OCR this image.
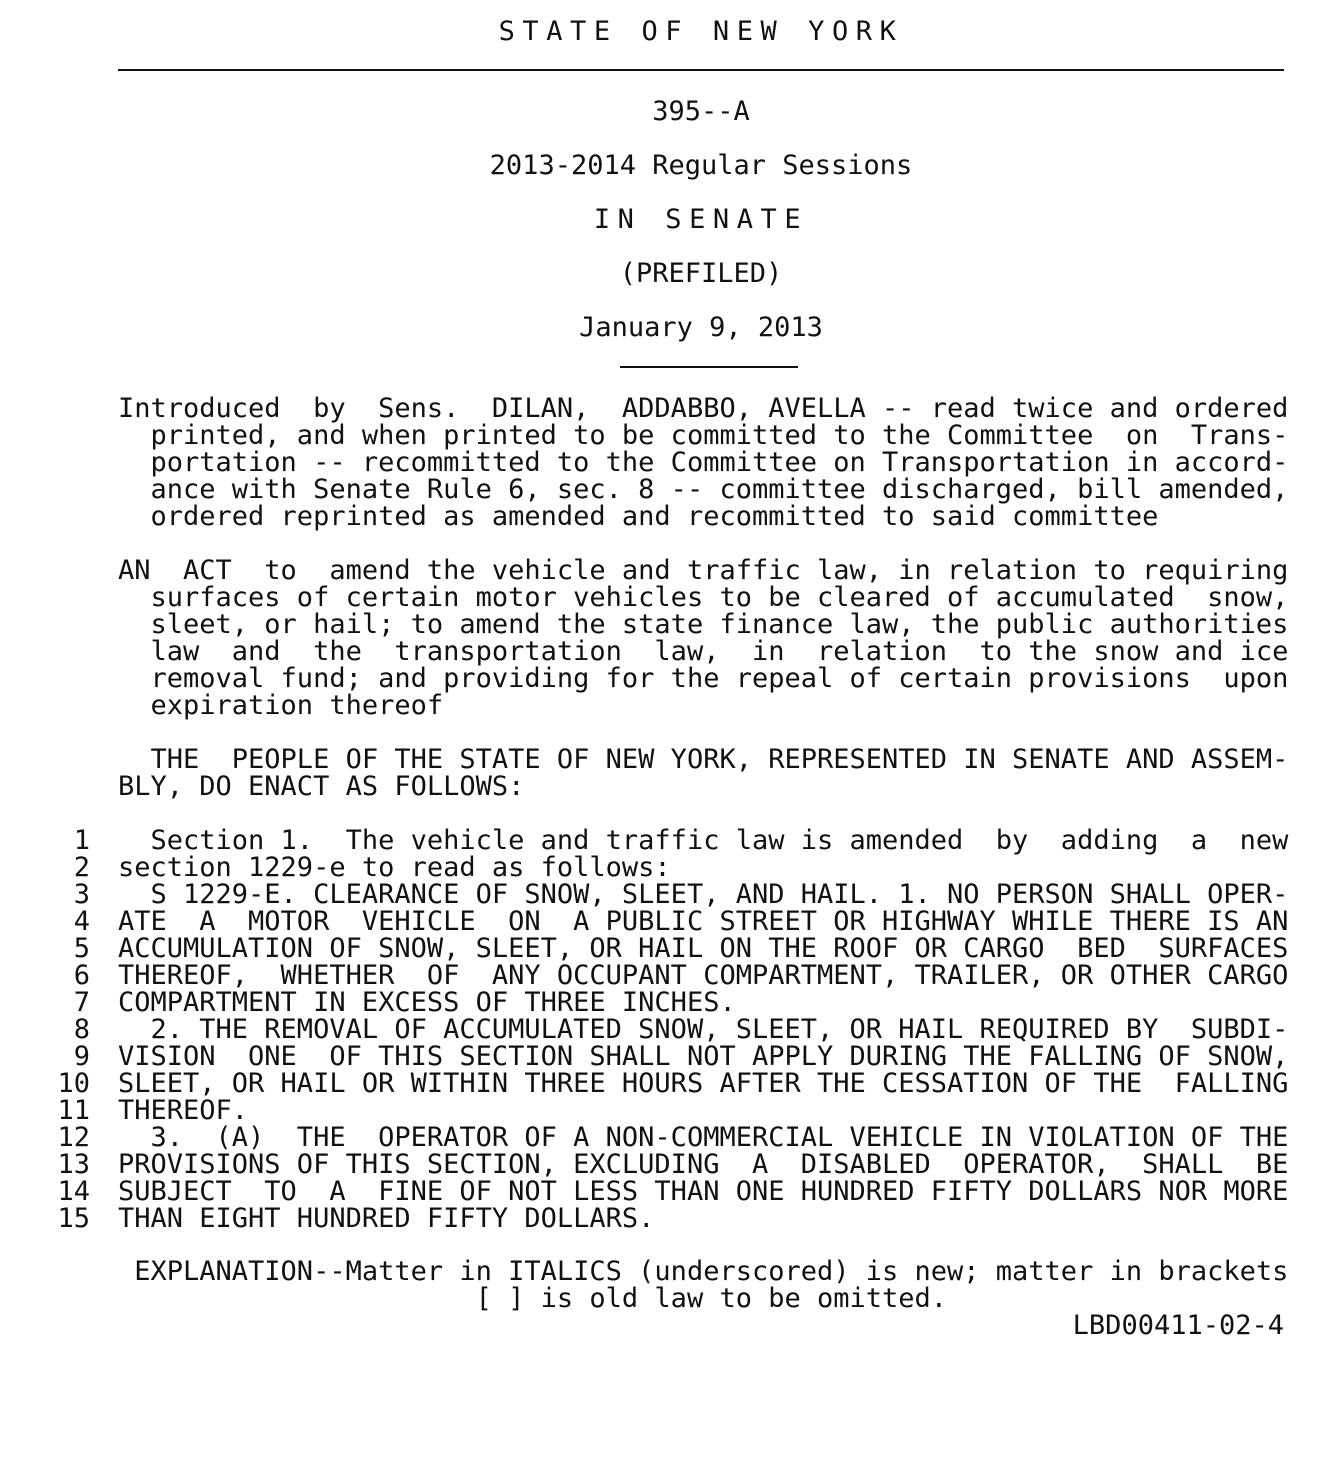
STATE OF NEW YORK
395--A
2013-2014 Regular Sessions
IN SENATE
(PREFILED)
January 9, 2013
Introduced  by  Sens.  DILAN,  ADDABBO, AVELLA -- read twice and ordered
printed, and when printed to be committed to the Committee  on  Trans-
portation -- recommitted to the Committee on Transportation in accord-
ance with Senate Rule 6, sec. 8 -- committee discharged, bill amended,
ordered reprinted as amended and recommitted to said committee
AN  ACT  to  amend the vehicle and traffic law, in relation to requiring
surfaces of certain motor vehicles to be cleared of accumulated  snow,
sleet, or hail; to amend the state finance law, the public authorities
law  and  the  transportation  law,  in  relation  to the snow and ice
removal fund; and providing for the repeal of certain provisions  upon
expiration thereof
THE  PEOPLE OF THE STATE OF NEW YORK, REPRESENTED IN SENATE AND ASSEM-
BLY, DO ENACT AS FOLLOWS:
1 Section 1.  The vehicle and traffic law is amended  by  adding  a  new
2 section 1229-e to read as follows:
3 S 1229-E. CLEARANCE OF SNOW, SLEET, AND HAIL. 1. NO PERSON SHALL OPER-
4 ATE  A  MOTOR  VEHICLE  ON  A PUBLIC STREET OR HIGHWAY WHILE THERE IS AN
5 ACCUMULATION OF SNOW, SLEET, OR HAIL ON THE ROOF OR CARGO  BED  SURFACES
6 THEREOF,  WHETHER  OF  ANY OCCUPANT COMPARTMENT, TRAILER, OR OTHER CARGO
7 COMPARTMENT IN EXCESS OF THREE INCHES.
8 2. THE REMOVAL OF ACCUMULATED SNOW, SLEET, OR HAIL REQUIRED BY  SUBDI-
9 VISION  ONE  OF THIS SECTION SHALL NOT APPLY DURING THE FALLING OF SNOW,
10 SLEET, OR HAIL OR WITHIN THREE HOURS AFTER THE CESSATION OF THE  FALLING
11 THEREOF.
12 3.  (A)  THE  OPERATOR OF A NON-COMMERCIAL VEHICLE IN VIOLATION OF THE
13 PROVISIONS OF THIS SECTION, EXCLUDING  A  DISABLED  OPERATOR,  SHALL  BE
14 SUBJECT  TO  A  FINE OF NOT LESS THAN ONE HUNDRED FIFTY DOLLARS NOR MORE
15 THAN EIGHT HUNDRED FIFTY DOLLARS.
EXPLANATION--Matter in ITALICS (underscored) is new; matter in brackets
[ ] is old law to be omitted.
LBD00411-02-4
